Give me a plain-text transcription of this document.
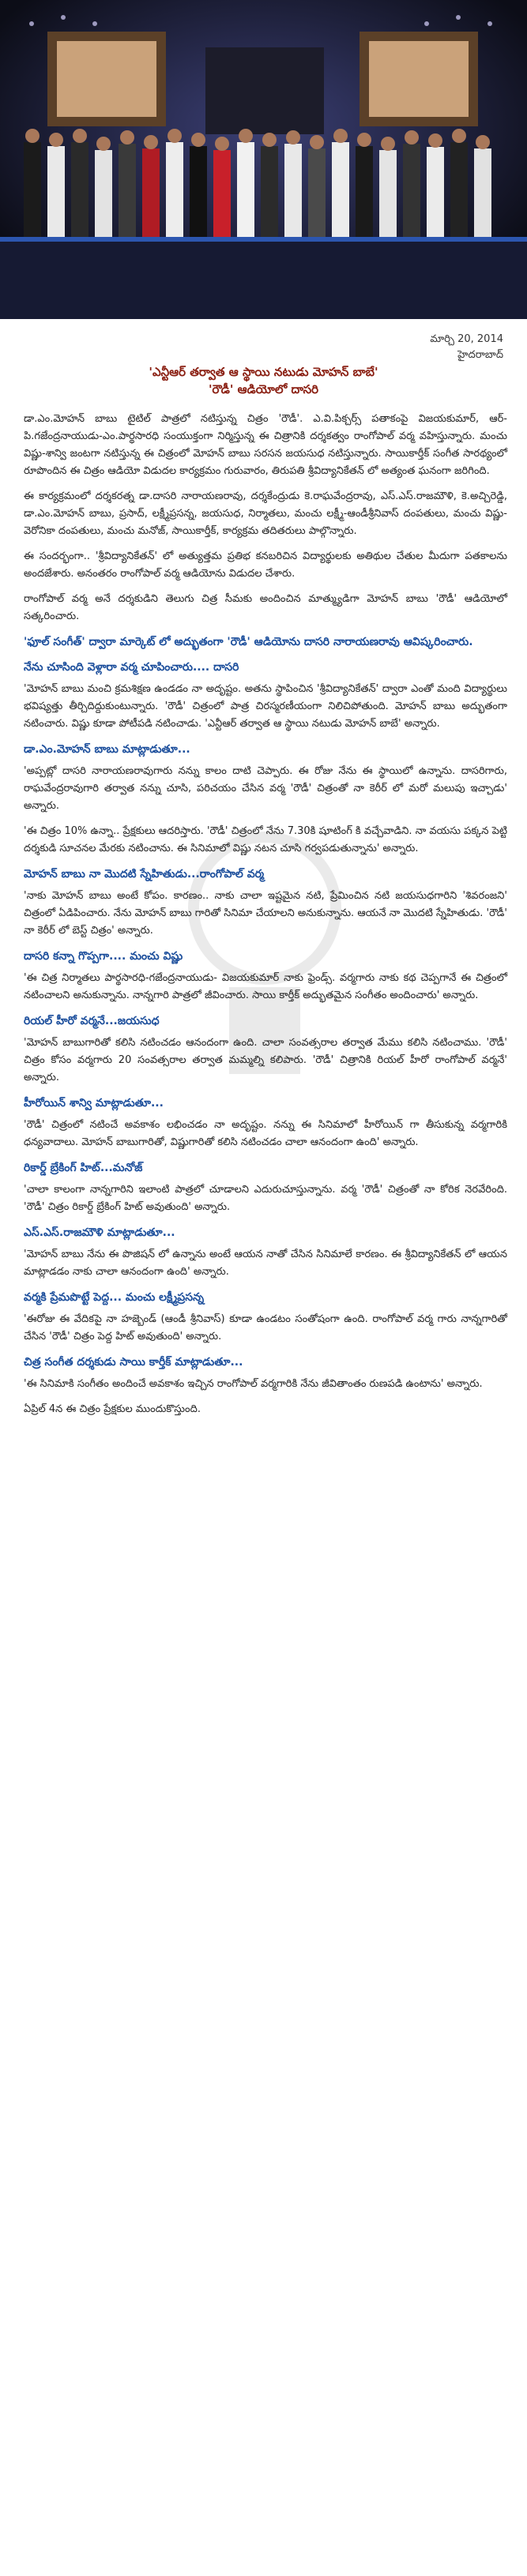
మార్చి 20, 2014
హైదరాబాద్
'ఎన్టీఆర్ తర్వాత ఆ స్థాయి నటుడు మోహన్ బాబే'
'రౌడీ' ఆడియోలో దాసరి

డా.ఎం.మోహన్ బాబు టైటిల్ పాత్రలో నటిస్తున్న చిత్రం 'రౌడీ'. ఎ.వి.పిక్చర్స్ పతాకంపై విజయకుమార్, ఆర్-పి.గజేంద్రనాయుడు-ఎం.పార్థసారధి సంయుక్తంగా నిర్మిస్తున్న ఈ చిత్రానికి దర్శకత్వం రాంగోపాల్ వర్మ వహిస్తున్నారు. మంచు విష్ణు-శాన్వి జంటగా నటిస్తున్న ఈ చిత్రంలో మోహన్ బాబు సరసన జయసుధ నటిస్తున్నారు. సాయికార్తీక్ సంగీత సారథ్యంలో రూపొందిన ఈ చిత్రం ఆడియో విడుదల కార్యక్రమం గురువారం, తిరుపతి శ్రీవిద్యానికేతన్ లో అత్యంత ఘనంగా జరిగింది.

ఈ కార్యక్రమంలో దర్శకరత్న డా.దాసరి నారాయణరావు, దర్శకేంద్రుడు కె.రాఘవేంద్రరావు, ఎస్.ఎస్.రాజమౌళి, కె.అచ్చిరెడ్డి, డా.ఎం.మోహన్ బాబు, ప్రసాద్, లక్ష్మీప్రసన్న, జయసుధ, నిర్మాతలు, మంచు లక్ష్మీ-ఆండీశ్రీనివాస్ దంపతులు, మంచు విష్ణు-వెరోనికా దంపతులు, మంచు మనోజ్, సాయికార్తీక్, కార్యక్రమ తదితరులు పాల్గొన్నారు.

ఈ సందర్భంగా.. 'శ్రీవిద్యానికేతన్' లో అత్యుత్తమ ప్రతిభ కనబరిచిన విద్యార్థులకు అతిథుల చేతుల మీదుగా పతకాలను అందజేశారు. అనంతరం రాంగోపాల్ వర్మ ఆడియోను విడుదల చేశారు.

రాంగోపాల్ వర్మ అనే దర్శకుడిని తెలుగు చిత్ర సీమకు అందించిన మాత్మ్యుడిగా మోహన్ బాబు 'రౌడీ' ఆడియోలో సత్కరించారు.

'ఫూల్ సంగీత్' ద్వారా మార్కెట్ లో అద్భుతంగా 'రౌడీ' ఆడియోను దాసరి నారాయణరావు ఆవిష్కరించారు.
నేను చూసింది వెళ్లారా వర్మ చూపించారు.... దాసరి

'మోహన్ బాబు మంచి క్రమశిక్షణ ఉండడం నా అదృష్టం. అతను స్థాపించిన 'శ్రీవిద్యానికేతన్' ద్వారా ఎంతో మంది విద్యార్థులు భవిష్యత్తు తీర్చిదిద్దుకుంటున్నారు. 'రౌడీ' చిత్రంలో పాత్ర చిరస్మరణీయంగా నిలిచిపోతుంది. మోహన్ బాబు అద్భుతంగా నటించారు. విష్ణు కూడా పోటీపడి నటించాడు. 'ఎన్టీఆర్ తర్వాత ఆ స్థాయి నటుడు మోహన్ బాబే' అన్నారు.

డా.ఎం.మోహన్ బాబు మాట్లాడుతూ...

'అప్పట్లో దాసరి నారాయణరావుగారు నన్ను కాలం దాటి చెప్పారు. ఈ రోజు నేను ఈ స్థాయిలో ఉన్నాను. దాసరిగారు, రాఘవేంద్రరావుగారి తర్వాత నన్ను చూసి, పరిచయం చేసిన వర్మ 'రౌడీ' చిత్రంతో నా కెరీర్ లో మరో మలుపు ఇచ్చాడు' అన్నారు.

'ఈ చిత్రం 10% ఉన్నా.. ప్రేక్షకులు ఆదరిస్తారు. 'రౌడీ' చిత్రంలో నేను 7.30కి షూటింగ్ కి వచ్చేవాడిని. నా వయసు పక్కన పెట్టి దర్శకుడి సూచనల మేరకు నటించాను. ఈ సినిమాలో విష్ణు నటన చూసి గర్వపడుతున్నాను' అన్నారు.

మోహన్ బాబు నా మొదటి స్నేహితుడు...రాంగోపాల్ వర్మ

'నాకు మోహన్ బాబు అంటే కోపం. కారణం.. నాకు చాలా ఇష్టమైన నటి, ప్రేమించిన నటి జయసుధగారిని 'శివరంజని' చిత్రంలో ఏడిపించారు. నేను మోహన్ బాబు గారితో సినిమా చేయాలని అనుకున్నాను. ఆయనే నా మొదటి స్నేహితుడు. 'రౌడీ' నా కెరీర్ లో బెస్ట్ చిత్రం' అన్నారు.

దాసరి కన్నా గొప్పగా.... మంచు విష్ణు

'ఈ చిత్ర నిర్మాతలు పార్థసారధి-గజేంద్రనాయుడు- విజయకుమార్ నాకు ఫ్రెండ్స్. వర్మగారు నాకు కథ చెప్పగానే ఈ చిత్రంలో నటించాలని అనుకున్నాను. నాన్నగారి పాత్రలో జీవించారు. సాయి కార్తీక్ అద్భుతమైన సంగీతం అందించారు' అన్నారు.

రియల్ హీరో వర్మనే...జయసుధ

'మోహన్ బాబుగారితో కలిసి నటించడం ఆనందంగా ఉంది. చాలా సంవత్సరాల తర్వాత మేము కలిసి నటించాము. 'రౌడీ' చిత్రం కోసం వర్మగారు 20 సంవత్సరాల తర్వాత మమ్మల్ని కలిపారు. 'రౌడీ' చిత్రానికి రియల్ హీరో రాంగోపాల్ వర్మనే' అన్నారు.

హీరోయిన్ శాన్వి మాట్లాడుతూ...

'రౌడీ' చిత్రంలో నటించే అవకాశం లభించడం నా అదృష్టం. నన్ను ఈ సినిమాలో హీరోయిన్ గా తీసుకున్న వర్మగారికి ధన్యవాదాలు. మోహన్ బాబుగారితో, విష్ణుగారితో కలిసి నటించడం చాలా ఆనందంగా ఉంది' అన్నారు.

రికార్డ్ బ్రేకింగ్ హిట్...మనోజ్

'చాలా కాలంగా నాన్నగారిని ఇలాంటి పాత్రలో చూడాలని ఎదురుచూస్తున్నాను. వర్మ 'రౌడీ' చిత్రంతో నా కోరిక నెరవేరింది. 'రౌడీ' చిత్రం రికార్డ్ బ్రేకింగ్ హిట్ అవుతుంది' అన్నారు.

ఎస్.ఎస్.రాజమౌళి మాట్లాడుతూ...

'మోహన్ బాబు నేను ఈ పొజిషన్ లో ఉన్నాను అంటే ఆయన నాతో చేసిన సినిమాలే కారణం. ఈ శ్రీవిద్యానికేతన్ లో ఆయన మాట్లాడడం నాకు చాలా ఆనందంగా ఉంది' అన్నారు.

వర్మకి ప్రేమపొట్టే పెద్ద... మంచు లక్ష్మీప్రసన్న

'ఈరోజు ఈ వేదికపై నా హజ్బెండ్ (ఆండీ శ్రీనివాస్) కూడా ఉండటం సంతోషంగా ఉంది. రాంగోపాల్ వర్మ గారు నాన్నగారితో చేసిన 'రౌడీ' చిత్రం పెద్ద హిట్ అవుతుంది' అన్నారు.

చిత్ర సంగీత దర్శకుడు సాయి కార్తీక్ మాట్లాడుతూ...

'ఈ సినిమాకి సంగీతం అందించే అవకాశం ఇచ్చిన రాంగోపాల్ వర్మగారికి నేను జీవితాంతం రుణపడి ఉంటాను' అన్నారు.

ఏప్రిల్ 4న ఈ చిత్రం ప్రేక్షకుల ముందుకొస్తుంది.
